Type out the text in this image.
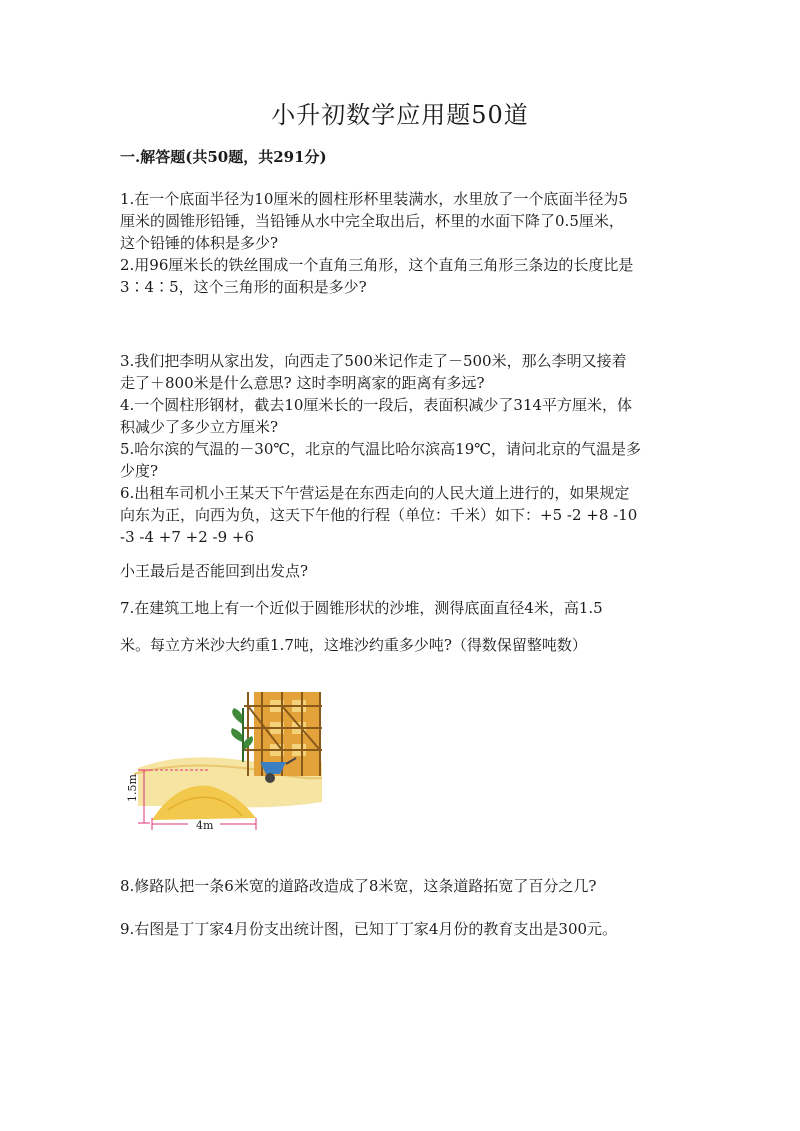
小升初数学应用题50道
一.解答题(共50题，共291分)
1.在一个底面半径为10厘米的圆柱形杯里装满水，水里放了一个底面半径为5
厘米的圆锥形铅锤，当铅锤从水中完全取出后，杯里的水面下降了0.5厘米，
这个铅锤的体积是多少?
2.用96厘米长的铁丝围成一个直角三角形，这个直角三角形三条边的长度比是
3∶4∶5，这个三角形的面积是多少?
3.我们把李明从家出发，向西走了500米记作走了－500米，那么李明又接着
走了＋800米是什么意思? 这时李明离家的距离有多远?
4.一个圆柱形钢材，截去10厘米长的一段后，表面积减少了314平方厘米，体
积减少了多少立方厘米?
5.哈尔滨的气温的－30℃，北京的气温比哈尔滨高19℃，请问北京的气温是多
少度?
6.出租车司机小王某天下午营运是在东西走向的人民大道上进行的，如果规定
向东为正，向西为负，这天下午他的行程（单位：千米）如下：+5 -2 +8 -10
-3 -4 +7 +2 -9 +6
小王最后是否能回到出发点?
7.在建筑工地上有一个近似于圆锥形状的沙堆，测得底面直径4米，高1.5
米。每立方米沙大约重1.7吨，这堆沙约重多少吨?（得数保留整吨数）
1.5m
4m
8.修路队把一条6米宽的道路改造成了8米宽，这条道路拓宽了百分之几?
9.右图是丁丁家4月份支出统计图，已知丁丁家4月份的教育支出是300元。
